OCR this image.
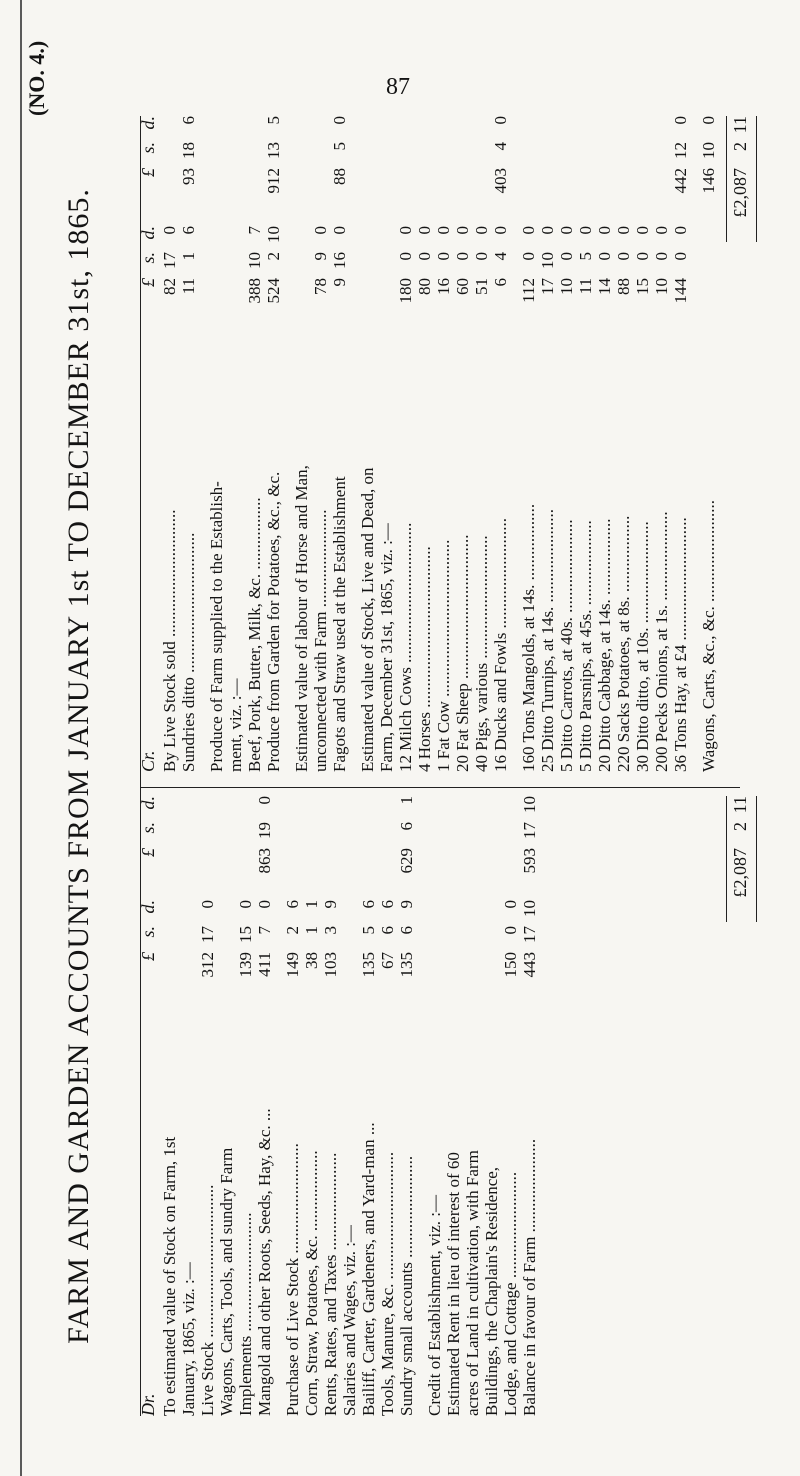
87
(NO. 4.)
FARM AND GARDEN ACCOUNTS FROM JANUARY 1st TO DECEMBER 31st, 1865.
Dr.
£
s.
d.
£
s.
d.
To estimated value of Stock on Farm, 1st January, 1865, viz. :— Live Stock ....................................
312
17
0
Wagons, Carts, Tools, and sundry Farm Implements ............................
139
15
0
Mangold and other Roots, Seeds, Hay, &c. ...
411
7
0
863
19
0
Purchase of Live Stock ..........................
149
2
6
Corn, Straw, Potatoes, &c. ...................
38
1
1
Rents, Rates, and Taxes .......................
103
3
9
Salaries and Wages, viz. :— Bailiff, Carter, Gardeners, and Yard-man ...
135
5
6
Tools, Manure, &c. ..............................
67
6
6
Sundry small accounts ........................
135
6
9
629
6
1
Credit of Establishment, viz. :— Estimated Rent in lieu of interest of 60 acres of Land in cultivation, with Farm Buildings, the Chaplain's Residence, Lodge, and Cottage .........................
150
0
0
Balance in favour of Farm ......................
443
17
10
593
17
10
Cr.
£
s.
d.
£
s.
d.
By Live Stock sold ..............................
82
17
0
Sundries ditto .................................
11
1
6
93
18
6
Produce of Farm supplied to the Establish- ment, viz. :— Beef, Pork, Butter, Milk, &c. .................
388
10
7
Produce from Garden for Potatoes, &c., &c.
524
2
10
912
13
5
Estimated value of labour of Horse and Man, unconnected with Farm .......................
78
9
0
Fagots and Straw used at the Establishment
9
16
0
88
5
0
Estimated value of Stock, Live and Dead, on Farm, December 31st, 1865, viz. :— 12 Milch Cows .................................
180
0
0
4 Horses ......................................
80
0
0
1 Fat Cow .....................................
16
0
0
20 Fat Sheep ..................................
60
0
0
40 Pigs, various .............................
51
0
0
16 Ducks and Fowls ..........................
6
4
0
403
4
0
160 Tons Mangolds, at 14s. ..................
112
0
0
25 Ditto Turnips, at 14s. ......................
17
10
0
5 Ditto Carrots, at 40s. ......................
10
0
0
5 Ditto Parsnips, at 45s. ....................
11
5
0
20 Ditto Cabbage, at 14s. ..................
14
0
0
220 Sacks Potatoes, at 8s. ..................
88
0
0
30 Ditto ditto, at 10s. ........................
15
0
0
200 Pecks Onions, at 1s. .....................
10
0
0
36 Tons Hay, at £4 .............................
144
0
0
442
12
0
Wagons, Carts, &c., &c. ........................
146
10
0
£2,087
2
11
£2,087
2
11
